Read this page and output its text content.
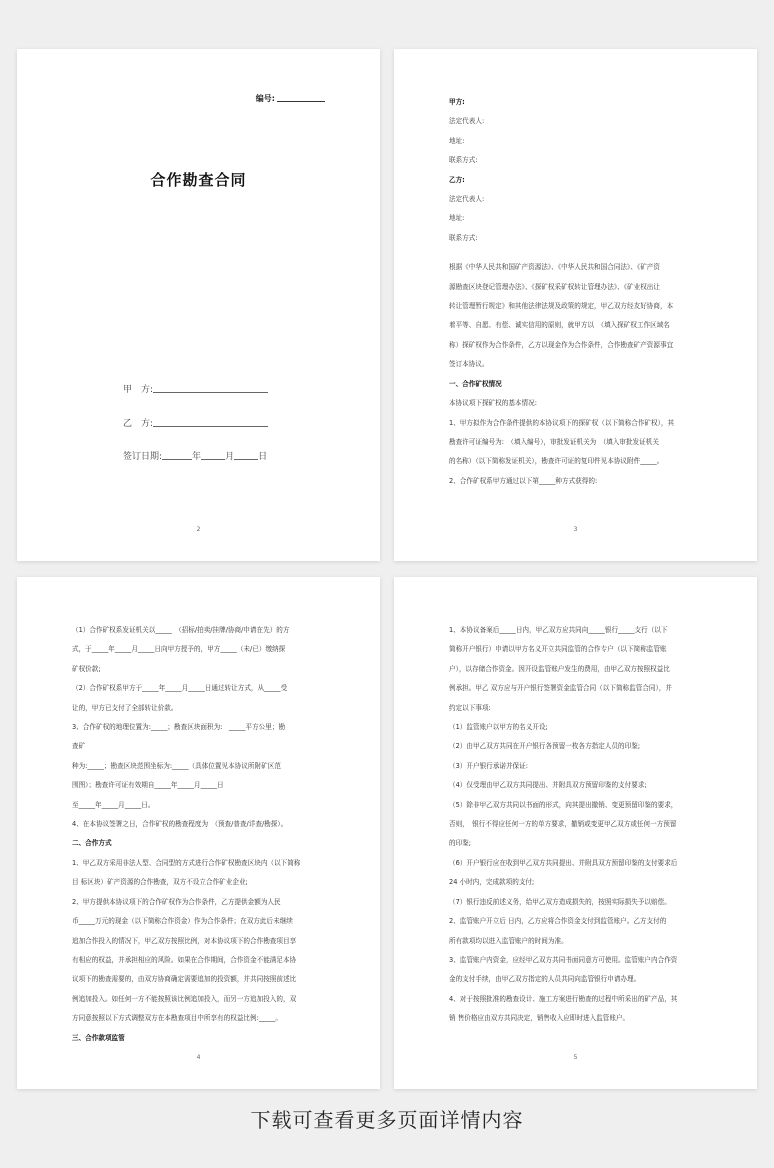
编号:
合作勘查合同
甲　方:
乙　方:
签订日期:	年	月	日
2

甲方:

法定代表人:

地址:

联系方式:

乙方:

法定代表人:

地址:

联系方式:

根据《中华人民共和国矿产资源法》、《中华人民共和国合同法》、《矿产资

源勘查区块登记管理办法》、《探矿权采矿权转让管理办法》、《矿业权出让

转让管理暂行规定》和其他法律法规及政策的规定，甲乙双方经友好协商，本

着平等、自愿、有偿、诚实信用的原则，就甲方以　（填入探矿权工作区域名

称）探矿权作为合作条件，乙方以现金作为合作条件，合作勘查矿产资源事宜

签订本协议。

一、合作矿权情况

本协议项下探矿权的基本情况:

1、甲方拟作为合作条件提供的本协议项下的探矿权（以下简称合作矿权），其

勘查许可证编号为:　（填入编号），审批发证机关为　（填入审批发证机关

的名称）（以下简称发证机关），勘查许可证的复印件见本协议附件_____。

2、合作矿权系甲方通过以下第_____种方式获得的:

3

（1）合作矿权系发证机关以_____　（招标/拍卖/挂牌/协商/申请在先）的方

式，于_____年_____月_____日向甲方授予的，甲方_____（未/已）缴纳探

矿权价款;

（2）合作矿权系甲方于_____年_____月_____日通过转让方式，从_____受

让的，甲方已支付了全部转让价款。

3、合作矿权的地理位置为:_____；勘查区块面积为:　_____平方公里；勘

查矿

种为:_____；勘查区块范围坐标为:_____（具体位置见本协议所附矿区范

围图）；勘查许可证有效期自_____年_____月_____日

至_____年_____月_____日。

4、在本协议签署之日，合作矿权的勘查程度为　（预查/普查/详查/勘探）。

二、合作方式

1、甲乙双方采用非法人型、合同型的方式进行合作矿权勘查区块内（以下简称

目 标区块）矿产资源的合作勘查，双方不设立合作矿业企业;

2、甲方提供本协议项下的合作矿权作为合作条件，乙方提供金额为人民

币_____万元的现金（以下简称合作资金）作为合作条件；在双方此后未继续

追加合作投入的情况下，甲乙双方按照比例，对本协议项下的合作勘查项目享

有相应的权益，并承担相应的风险。如果在合作期间，合作资金不能满足本协

议项下的勘查需要的，由双方协商确定需要追加的投资额，并共同按照前述比

例追加投入。如任何一方不能按照该比例追加投入，而另一方追加投入的，双

方同意按照以下方式调整双方在本勘查项目中所享有的权益比例:_____。

三、合作款项监管

4

1、本协议备案后_____日内，甲乙双方应共同向_____银行_____支行（以下

简称开户银行）申请以甲方名义开立共同监管的合作专户（以下简称监管账

户），以存储合作资金。因开设监管账户发生的费用，由甲乙双方按照权益比

例承担。甲乙 双方应与开户银行签署资金监管合同（以下简称监管合同），并

约定以下事项:

（1）监管账户以甲方的名义开设;

（2）由甲乙双方共同在开户银行各预留一枚各方指定人员的印鉴;

（3）开户银行承诺并保证:

（4）仅受理由甲乙双方共同提出、并附具双方预留印鉴的支付要求;

（5）除非甲乙双方共同以书面的形式，向其提出撤销、变更预留印鉴的要求，

否则，　银行不得应任何一方的单方要求，撤销或变更甲乙双方或任何一方预留

的印鉴;

（6）开户银行应在收到甲乙双方共同提出、并附具双方预留印鉴的支付要求后

24 小时内，完成款项的支付;

（7）银行违反前述义务，给甲乙双方造成损失的，按照实际损失予以赔偿。

2、监管账户开立后 日内，乙方应将合作资金支付到监管账户。乙方支付的

所有款项均以进入监管账户的时间为准。

3、监管账户内资金，应经甲乙双方共同书面同意方可使用。监管账户内合作资

金的支付手续，由甲乙双方指定的人员共同向监管银行申请办理。

4、对于按照批准的勘查设计、施工方案进行勘查的过程中所采出的矿产品，其

销 售价格应由双方共同决定，销售收入应即时进入监管账户。

5
下载可查看更多页面详情内容
